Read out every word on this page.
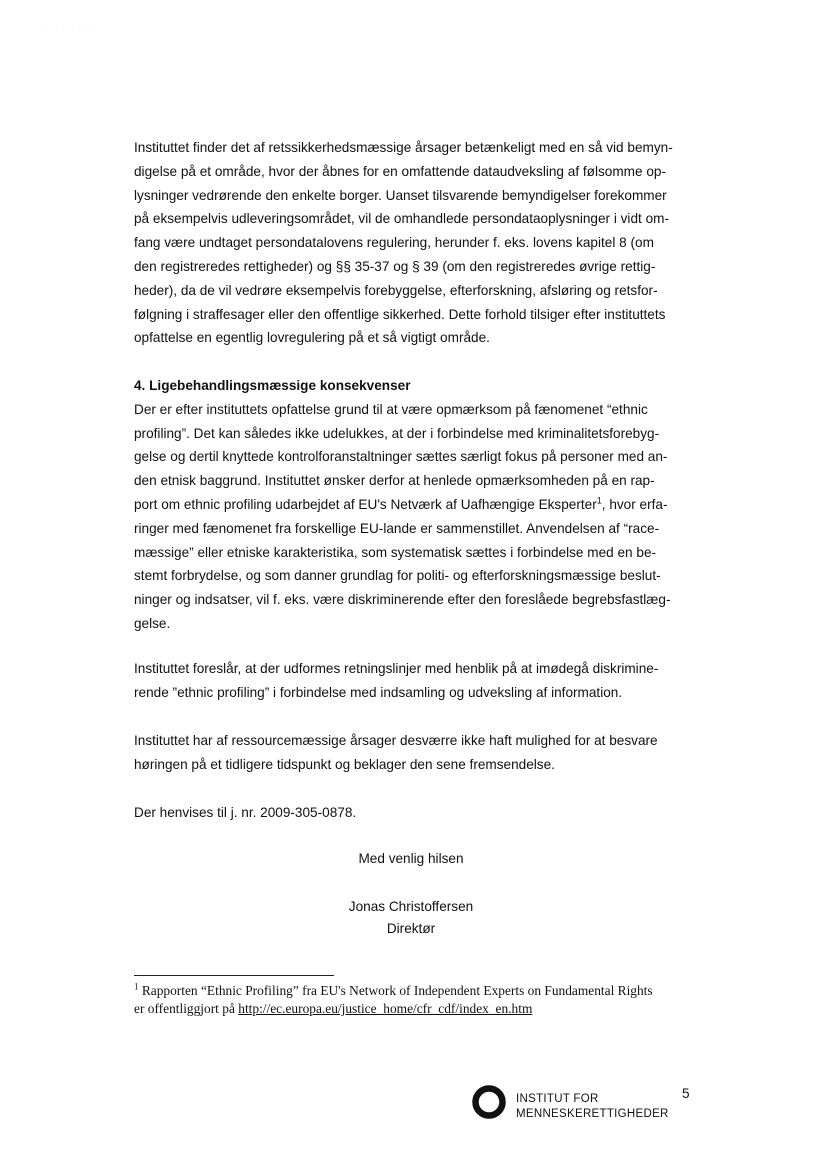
· · · ·
Instituttet finder det af retssikkerhedsmæssige årsager betænkeligt med en så vid bemyn-
digelse på et område, hvor der åbnes for en omfattende dataudveksling af følsomme op-
lysninger vedrørende den enkelte borger. Uanset tilsvarende bemyndigelser forekommer
på eksempelvis udleveringsområdet, vil de omhandlede persondataoplysninger i vidt om-
fang være undtaget persondatalovens regulering, herunder f. eks. lovens kapitel 8 (om
den registreredes rettigheder) og §§ 35-37 og § 39 (om den registreredes øvrige rettig-
heder), da de vil vedrøre eksempelvis forebyggelse, efterforskning, afsløring og retsfor-
følgning i straffesager eller den offentlige sikkerhed. Dette forhold tilsiger efter instituttets
opfattelse en egentlig lovregulering på et så vigtigt område.
4. Ligebehandlingsmæssige konsekvenser
Der er efter instituttets opfattelse grund til at være opmærksom på fænomenet “ethnic
profiling”. Det kan således ikke udelukkes, at der i forbindelse med kriminalitetsforebyg-
gelse og dertil knyttede kontrolforanstaltninger sættes særligt fokus på personer med an-
den etnisk baggrund. Instituttet ønsker derfor at henlede opmærksomheden på en rap-
port om ethnic profiling udarbejdet af EU's Netværk af Uafhængige Eksperter$^1$, hvor erfa-
ringer med fænomenet fra forskellige EU-lande er sammenstillet. Anvendelsen af “race-
mæssige” eller etniske karakteristika, som systematisk sættes i forbindelse med en be-
stemt forbrydelse, og som danner grundlag for politi- og efterforskningsmæssige beslut-
ninger og indsatser, vil f. eks. være diskriminerende efter den foreslåede begrebsfastlæg-
gelse.
Instituttet foreslår, at der udformes retningslinjer med henblik på at imødegå diskrimine-
rende ”ethnic profiling” i forbindelse med indsamling og udveksling af information.
Instituttet har af ressourcemæssige årsager desværre ikke haft mulighed for at besvare
høringen på et tidligere tidspunkt og beklager den sene fremsendelse.
Der henvises til j. nr. 2009-305-0878.
Med venlig hilsen
Jonas Christoffersen
Direktør
$^1$ Rapporten “Ethnic Profiling” fra EU's Network of Independent Experts on Fundamental Rights
er offentliggjort på http://ec.europa.eu/justice_home/cfr_cdf/index_en.htm
INSTITUT FOR
MENNESKERETTIGHEDER
5
